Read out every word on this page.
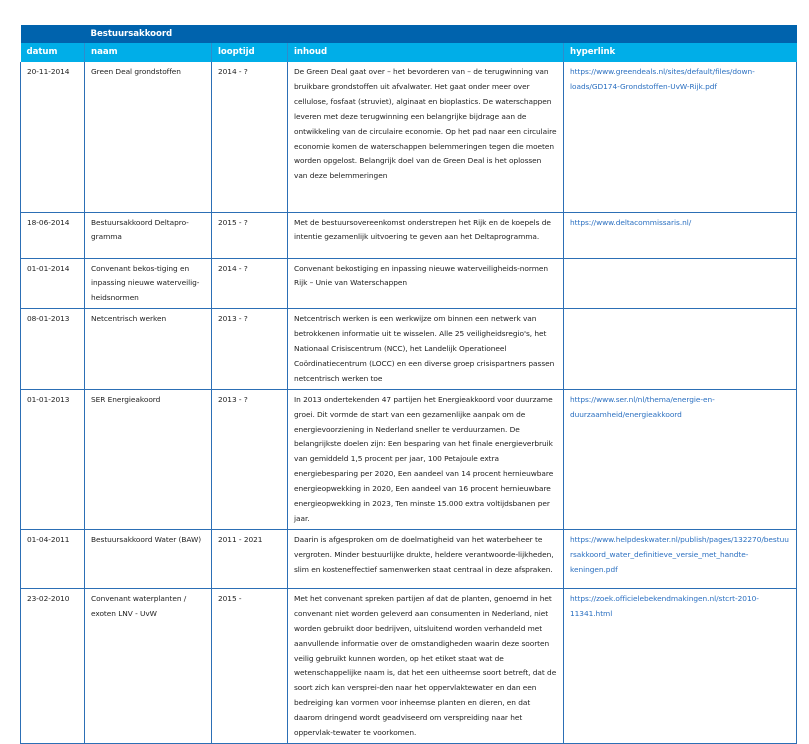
	Bestuursakkoord			
datum	naam	looptijd	inhoud	hyperlink
20-11-2014	Green Deal grondstoffen	2014 - ?	De Green Deal gaat over – het bevorderen van – de terugwinning van bruikbare grondstoffen uit afvalwater. Het gaat onder meer over cellulose, fosfaat (struviet), alginaat en bioplastics. De waterschappen leveren met deze terugwinning een belangrijke bijdrage aan de ontwikkeling van de circulaire economie. Op het pad naar een circulaire economie komen de waterschappen belemmeringen tegen die moeten worden opgelost. Belangrijk doel van de Green Deal is het oplossen van deze belemmeringen	https://www.greendeals.nl/sites/default/files/down-loads/GD174-Grondstoffen-UvW-Rijk.pdf
18-06-2014	Bestuursakkoord Deltapro-gramma	2015 - ?	Met de bestuursovereenkomst onderstrepen het Rijk en de koepels de intentie gezamenlijk uitvoering te geven aan het Deltaprogramma.	https://www.deltacommissaris.nl/
01-01-2014	Convenant bekos-tiging en inpassing nieuwe waterveilig-heidsnormen	2014 - ?	Convenant bekostiging en inpassing nieuwe waterveiligheids-normen Rijk – Unie van Waterschappen	
08-01-2013	Netcentrisch werken	2013 - ?	Netcentrisch werken is een werkwijze om binnen een netwerk van betrokkenen informatie uit te wisselen. Alle 25 veiligheidsregio's, het Nationaal Crisiscentrum (NCC), het Landelijk Operationeel Coördinatiecentrum (LOCC) en een diverse groep crisispartners passen netcentrisch werken toe	
01-01-2013	SER Energieakoord	2013 - ?	In 2013 ondertekenden 47 partijen het Energieakkoord voor duurzame groei. Dit vormde de start van een gezamenlijke aanpak om de energievoorziening in Nederland sneller te verduurzamen. De belangrijkste doelen zijn: Een besparing van het finale energieverbruik van gemiddeld 1,5 procent per jaar, 100 Petajoule extra energiebesparing per 2020, Een aandeel van 14 procent hernieuwbare energieopwekking in 2020, Een aandeel van 16 procent hernieuwbare energieopwekking in 2023, Ten minste 15.000 extra voltijdsbanen per jaar.	https://www.ser.nl/nl/thema/energie-en-duurzaamheid/energieakkoord
01-04-2011	Bestuursakkoord Water (BAW)	2011 - 2021	Daarin is afgesproken om de doelmatigheid van het waterbeheer te vergroten. Minder bestuurlijke drukte, heldere verantwoorde-lijkheden, slim en kosteneffectief samenwerken staat centraal in deze afspraken.	https://www.helpdeskwater.nl/publish/pages/132270/bestuursakkoord_water_definitieve_versie_met_handte-keningen.pdf
23-02-2010	Convenant waterplanten / exoten LNV - UvW	2015 -	Met het convenant spreken partijen af dat de planten, genoemd in het convenant niet worden geleverd aan consumenten in Nederland, niet worden gebruikt door bedrijven, uitsluitend worden verhandeld met aanvullende informatie over de omstandigheden waarin deze soorten veilig gebruikt kunnen worden, op het etiket staat wat de wetenschappelijke naam is, dat het een uitheemse soort betreft, dat de soort zich kan versprei-den naar het oppervlaktewater en dan een bedreiging kan vormen voor inheemse planten en dieren, en dat daarom dringend wordt geadviseerd om verspreiding naar het oppervlak-tewater te voorkomen.	https://zoek.officielebekendmakingen.nl/stcrt-2010-11341.html
